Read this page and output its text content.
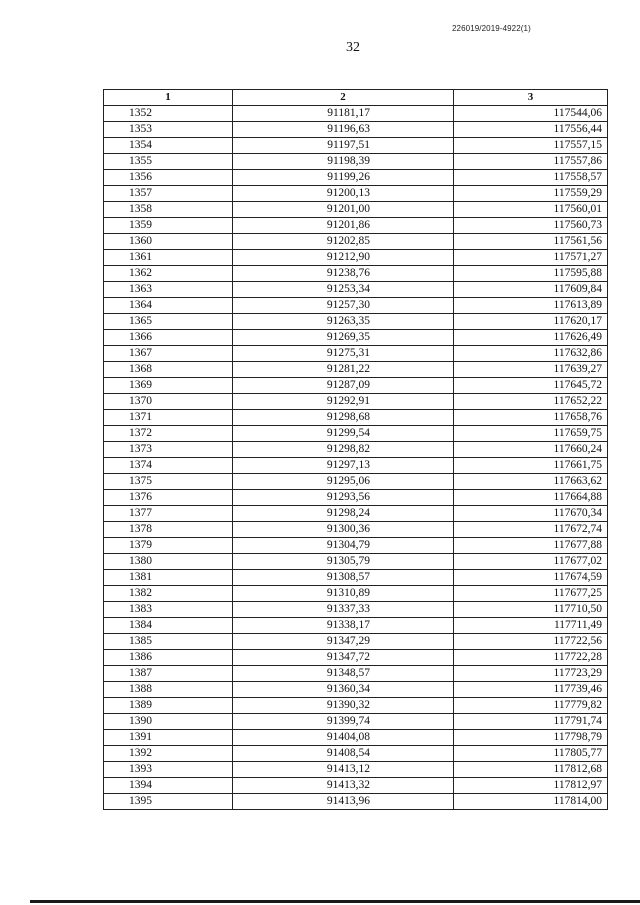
226019/2019-4922(1)
32
1	2	3
1352	91181,17	117544,06
1353	91196,63	117556,44
1354	91197,51	117557,15
1355	91198,39	117557,86
1356	91199,26	117558,57
1357	91200,13	117559,29
1358	91201,00	117560,01
1359	91201,86	117560,73
1360	91202,85	117561,56
1361	91212,90	117571,27
1362	91238,76	117595,88
1363	91253,34	117609,84
1364	91257,30	117613,89
1365	91263,35	117620,17
1366	91269,35	117626,49
1367	91275,31	117632,86
1368	91281,22	117639,27
1369	91287,09	117645,72
1370	91292,91	117652,22
1371	91298,68	117658,76
1372	91299,54	117659,75
1373	91298,82	117660,24
1374	91297,13	117661,75
1375	91295,06	117663,62
1376	91293,56	117664,88
1377	91298,24	117670,34
1378	91300,36	117672,74
1379	91304,79	117677,88
1380	91305,79	117677,02
1381	91308,57	117674,59
1382	91310,89	117677,25
1383	91337,33	117710,50
1384	91338,17	117711,49
1385	91347,29	117722,56
1386	91347,72	117722,28
1387	91348,57	117723,29
1388	91360,34	117739,46
1389	91390,32	117779,82
1390	91399,74	117791,74
1391	91404,08	117798,79
1392	91408,54	117805,77
1393	91413,12	117812,68
1394	91413,32	117812,97
1395	91413,96	117814,00
